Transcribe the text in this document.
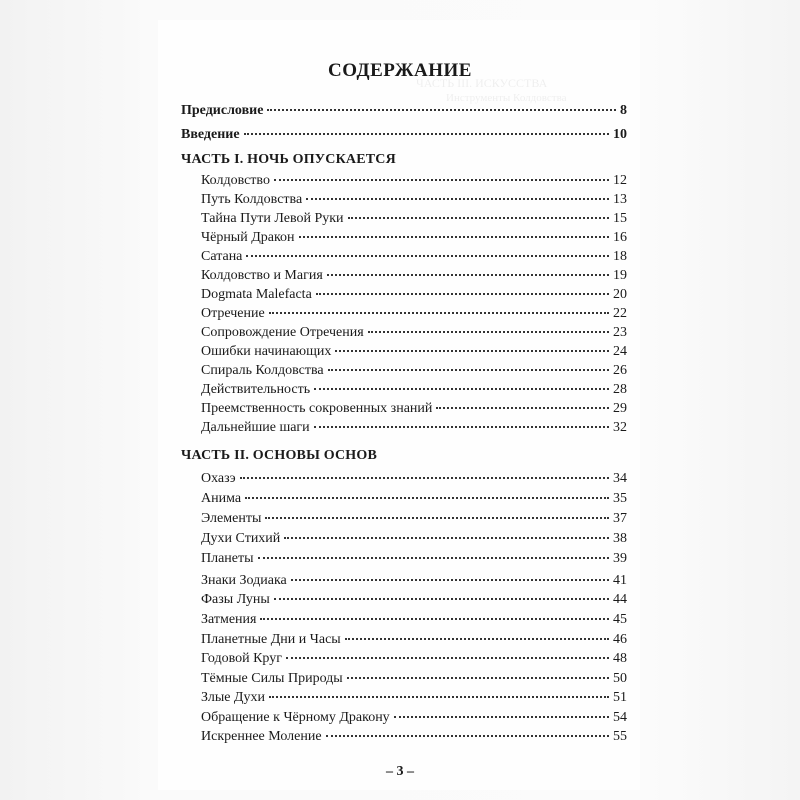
ЧАСТЬ III. ИСКУССТВА
Инструменты Колдовства
СОДЕРЖАНИЕ
Предисловие	8
Введение	10
ЧАСТЬ I. НОЧЬ ОПУСКАЕТСЯ
Колдовство	12
Путь Колдовства	13
Тайна Пути Левой Руки	15
Чёрный Дракон	16
Сатана	18
Колдовство и Магия	19
Dogmata Malefacta	20
Отречение	22
Сопровождение Отречения	23
Ошибки начинающих	24
Спираль Колдовства	26
Действительность	28
Преемственность сокровенных знаний	29
Дальнейшие шаги	32
ЧАСТЬ II. ОСНОВЫ ОСНОВ
Охазэ	34
Анима	35
Элементы	37
Духи Стихий	38
Планеты	39
Знаки Зодиака	41
Фазы Луны	44
Затмения	45
Планетные Дни и Часы	46
Годовой Круг	48
Тёмные Силы Природы	50
Злые Духи	51
Обращение к Чёрному Дракону	54
Искреннее Моление	55
– 3 –
